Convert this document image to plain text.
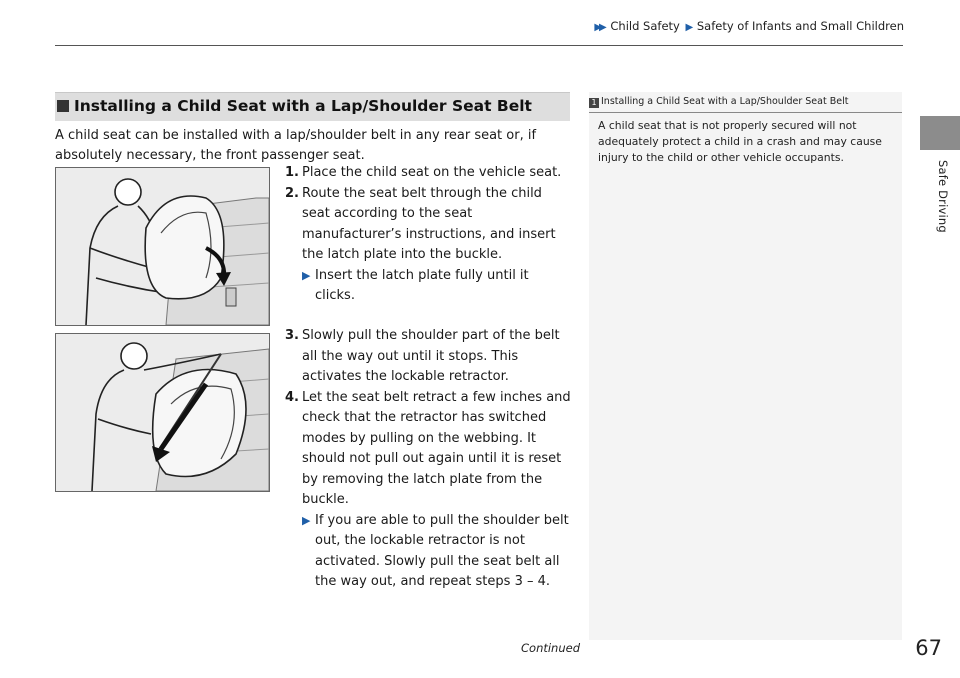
▶▶ Child Safety ▶ Safety of Infants and Small Children
Safe Driving
1 Installing a Child Seat with a Lap/Shoulder Seat Belt
A child seat that is not properly secured will not adequately protect a child in a crash and may cause injury to the child or other vehicle occupants.
Installing a Child Seat with a Lap/Shoulder Seat Belt
A child seat can be installed with a lap/shoulder belt in any rear seat or, if absolutely necessary, the front passenger seat.
1. Place the child seat on the vehicle seat.
2. Route the seat belt through the child seat according to the seat manufacturer’s instructions, and insert the latch plate into the buckle.
▶ Insert the latch plate fully until it clicks.
3. Slowly pull the shoulder part of the belt all the way out until it stops. This activates the lockable retractor.
4. Let the seat belt retract a few inches and check that the retractor has switched modes by pulling on the webbing. It should not pull out again until it is reset by removing the latch plate from the buckle.
▶ If you are able to pull the shoulder belt out, the lockable retractor is not activated. Slowly pull the seat belt all the way out, and repeat steps 3 – 4.
Continued	67
